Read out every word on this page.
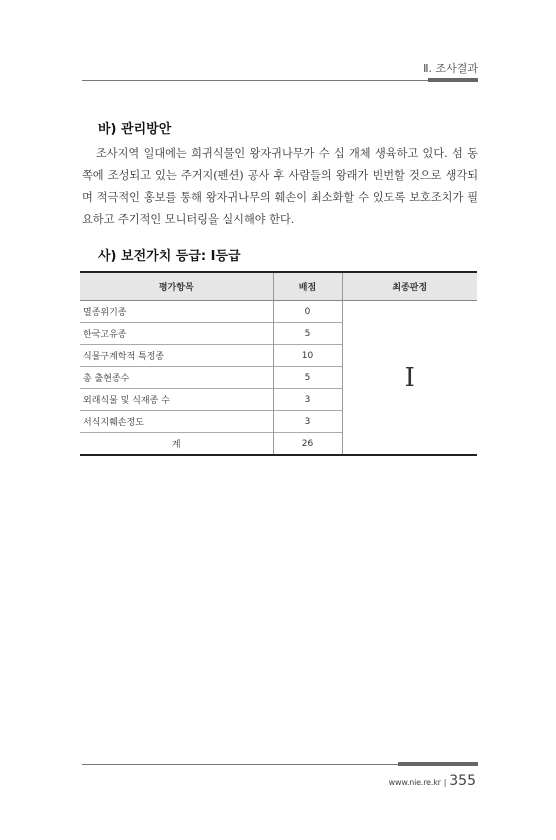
Ⅱ. 조사결과
바) 관리방안

조사지역 일대에는 희귀식물인 왕자귀나무가 수 십 개체 생육하고 있다. 섬 동쪽에 조성되고 있는 주거지(펜션) 공사 후 사람들의 왕래가 빈번할 것으로 생각되며 적극적인 홍보를 통해 왕자귀나무의 훼손이 최소화할 수 있도록 보호조치가 필요하고 주기적인 모니터링을 실시해야 한다.

사) 보전가치 등급: Ⅰ등급
평가항목	배점	최종판정
멸종위기종	0	Ⅰ
한국고유종	5	
식물구계학적 특정종	10	
총 출현종수	5	
외래식물 및 식재종 수	3	
서식지훼손정도	3	
계	26	
www.nie.re.kr | 355
